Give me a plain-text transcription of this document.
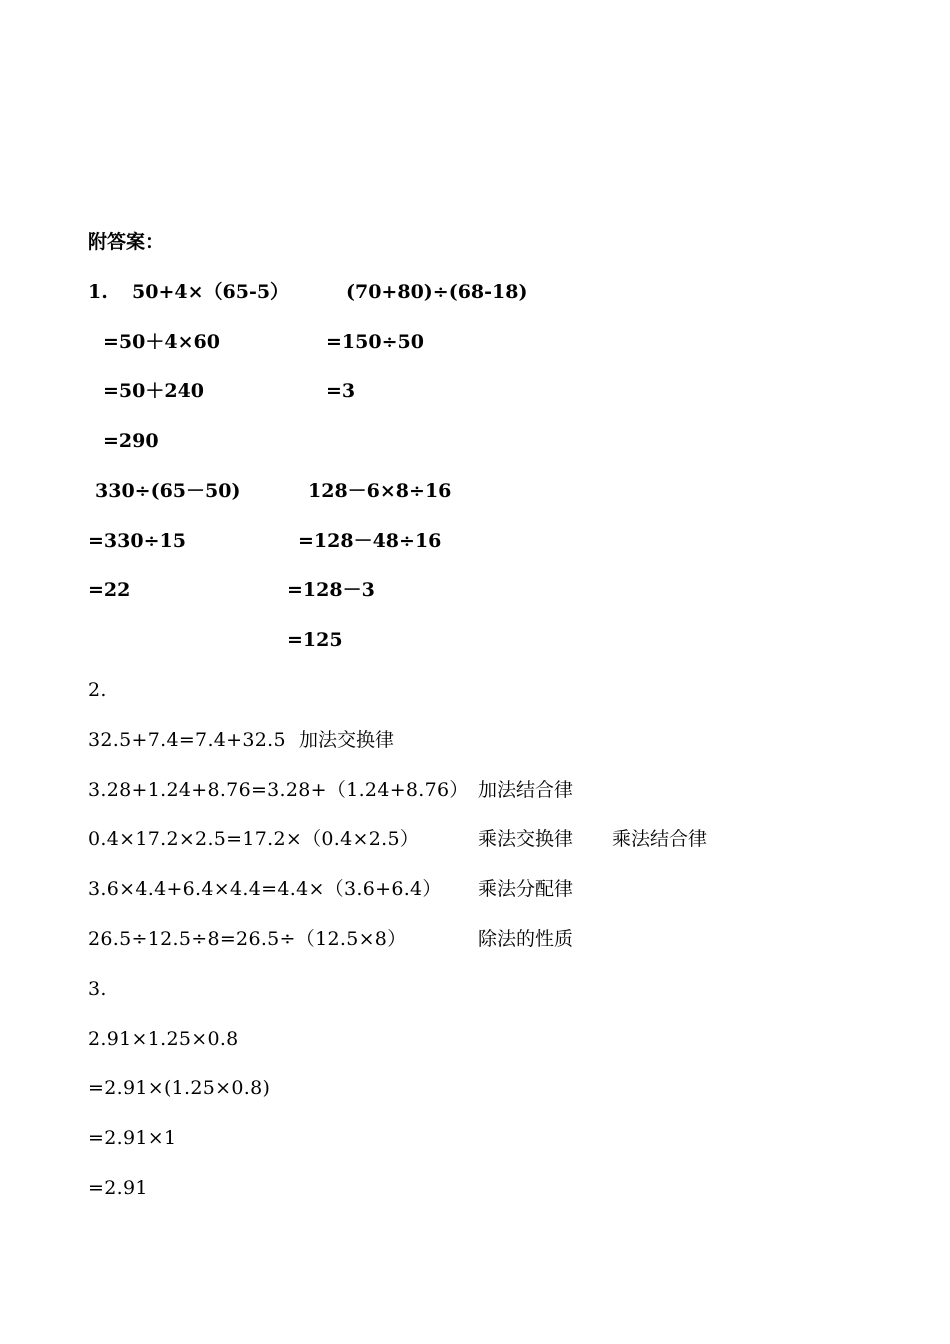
附答案：
1. 50+4×（65-5）	(70+80)÷(68-18)
=50＋4×60	=150÷50
=50＋240	=3
=290
330÷(65－50)	128－6×8÷16
=330÷15	=128－48÷16
=22	=128－3
=125
2.
32.5+7.4=7.4+32.5 加法交换律
3.28+1.24+8.76=3.28+（1.24+8.76） 加法结合律
0.4×17.2×2.5=17.2×（0.4×2.5）	乘法交换律 乘法结合律
3.6×4.4+6.4×4.4=4.4×（3.6+6.4） 乘法分配律
26.5÷12.5÷8=26.5÷（12.5×8）	除法的性质
3.
2.91×1.25×0.8
=2.91×(1.25×0.8)
=2.91×1
=2.91
